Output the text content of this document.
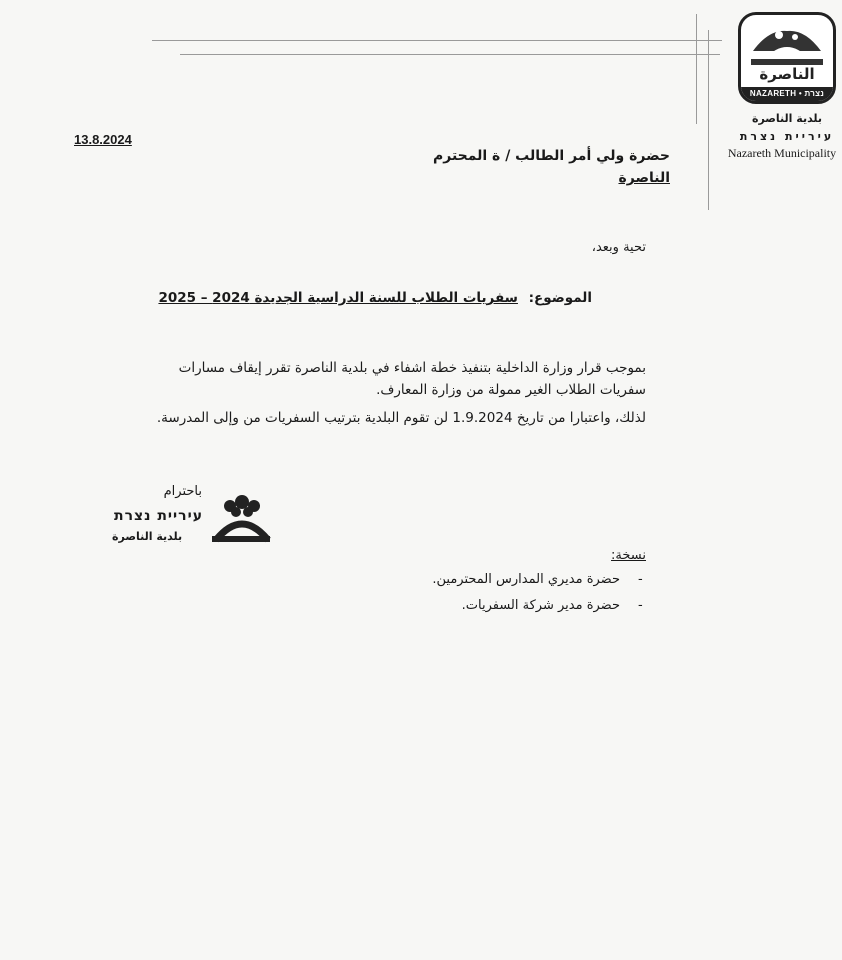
الناصرة
NAZARETH • נצרת
بلدية الناصرة
עיריית נצרת
Nazareth Municipality
13.8.2024
حضرة ولي أمر الطالب / ة المحترم
الناصرة
تحية وبعد،
الموضوع: سفريات الطلاب للسنة الدراسية الجديدة 2024 – 2025
بموجب قرار وزارة الداخلية بتنفيذ خطة اشفاء في بلدية الناصرة تقرر إيقاف مسارات
سفريات الطلاب الغير ممولة من وزارة المعارف.
لذلك، واعتبارا من تاريخ 1.9.2024 لن تقوم البلدية بترتيب السفريات من وإلى المدرسة.
باحترام
עיריית נצרת
بلدية الناصرة
نسخة:
-
حضرة مديري المدارس المحترمين.
-
حضرة مدير شركة السفريات.
